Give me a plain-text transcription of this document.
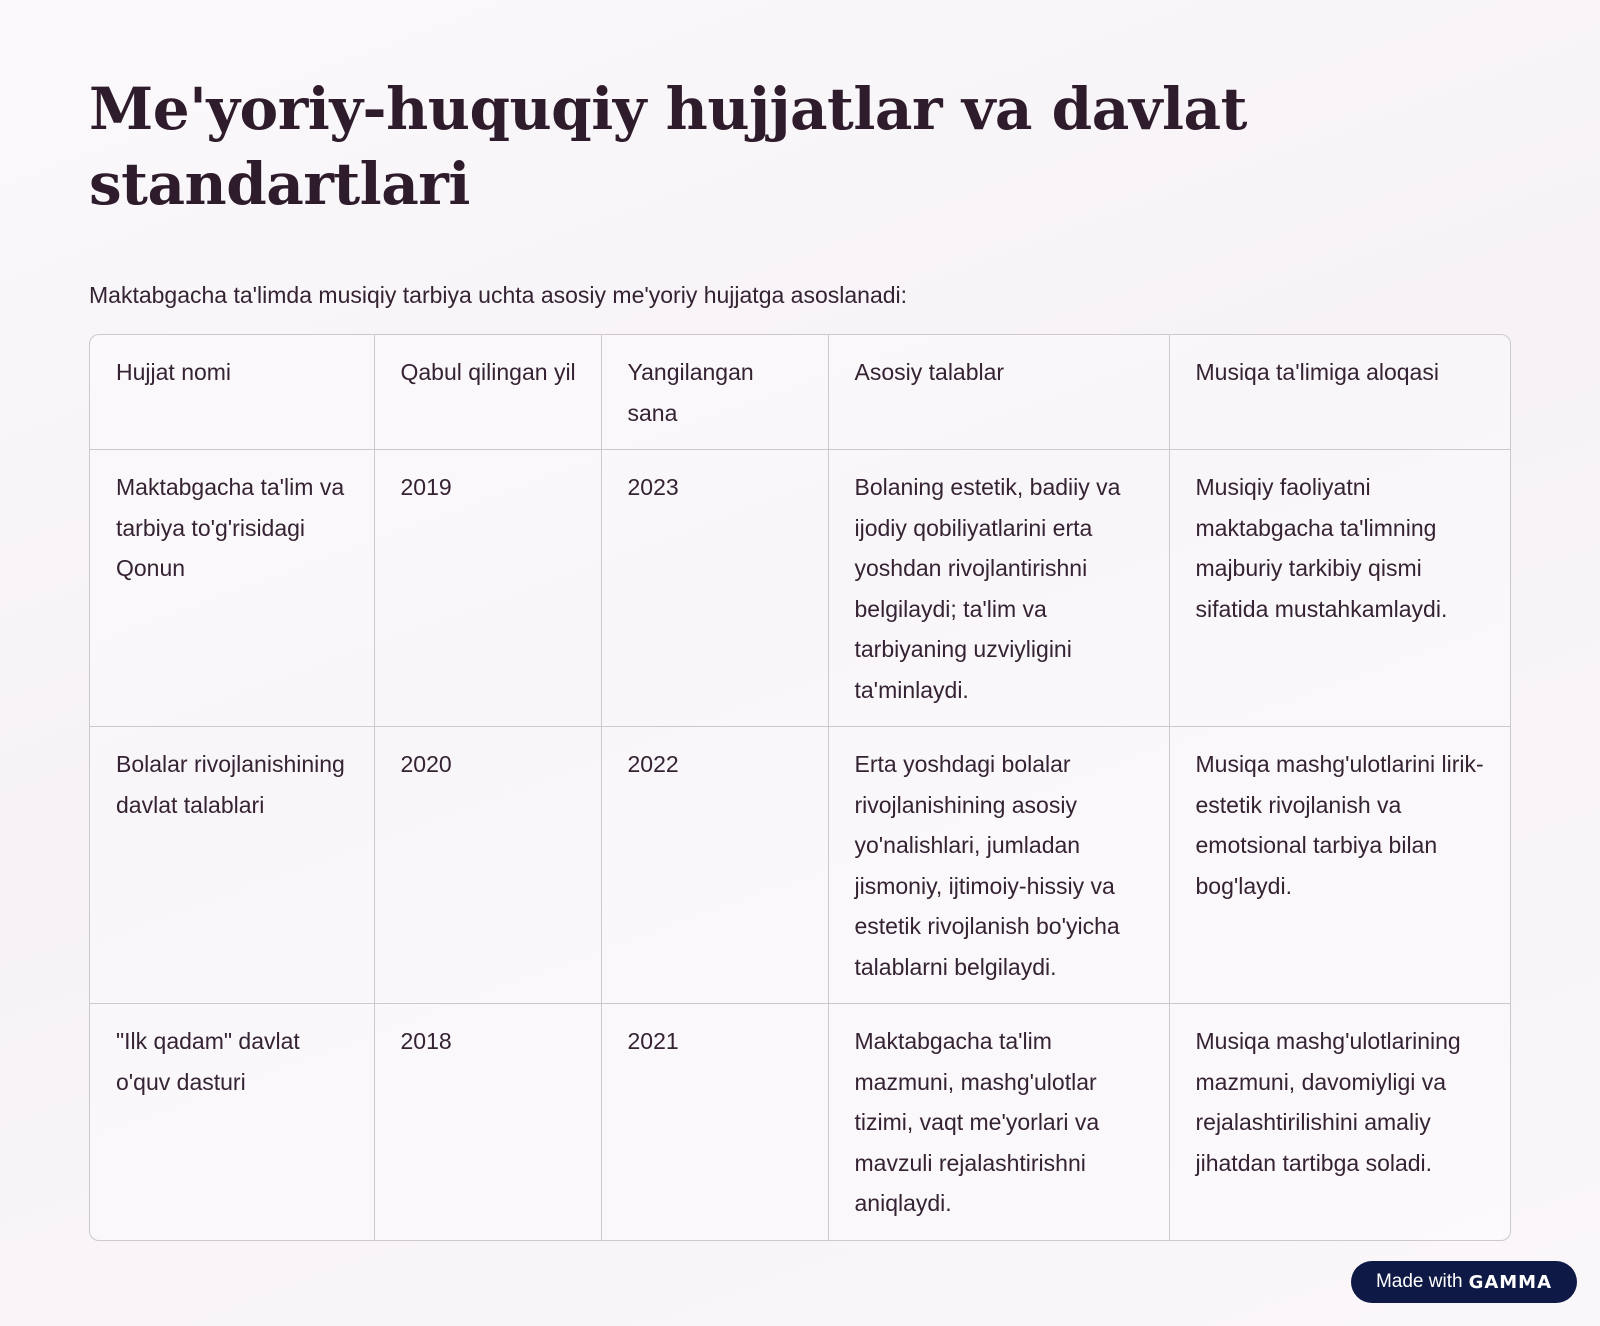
Me'yoriy-huquqiy hujjatlar va davlat standartlari

Maktabgacha ta'limda musiqiy tarbiya uchta asosiy me'yoriy hujjatga asoslanadi:

Hujjat nomi	Qabul qilingan yil	Yangilangan sana	Asosiy talablar	Musiqa ta'limiga aloqasi
Maktabgacha ta'lim va tarbiya to'g'risidagi Qonun	2019	2023	Bolaning estetik, badiiy va ijodiy qobiliyatlarini erta yoshdan rivojlantirishni belgilaydi; ta'lim va tarbiyaning uzviyligini ta'minlaydi.	Musiqiy faoliyatni maktabgacha ta'limning majburiy tarkibiy qismi sifatida mustahkamlaydi.
Bolalar rivojlanishining davlat talablari	2020	2022	Erta yoshdagi bolalar rivojlanishining asosiy yo'nalishlari, jumladan jismoniy, ijtimoiy-hissiy va estetik rivojlanish bo'yicha talablarni belgilaydi.	Musiqa mashg'ulotlarini lirik-estetik rivojlanish va emotsional tarbiya bilan bog'laydi.
"Ilk qadam" davlat o'quv dasturi	2018	2021	Maktabgacha ta'lim mazmuni, mashg'ulotlar tizimi, vaqt me'yorlari va mavzuli rejalashtirishni aniqlaydi.	Musiqa mashg'ulotlarining mazmuni, davomiyligi va rejalashtirilishini amaliy jihatdan tartibga soladi.
Made with GAMMA
